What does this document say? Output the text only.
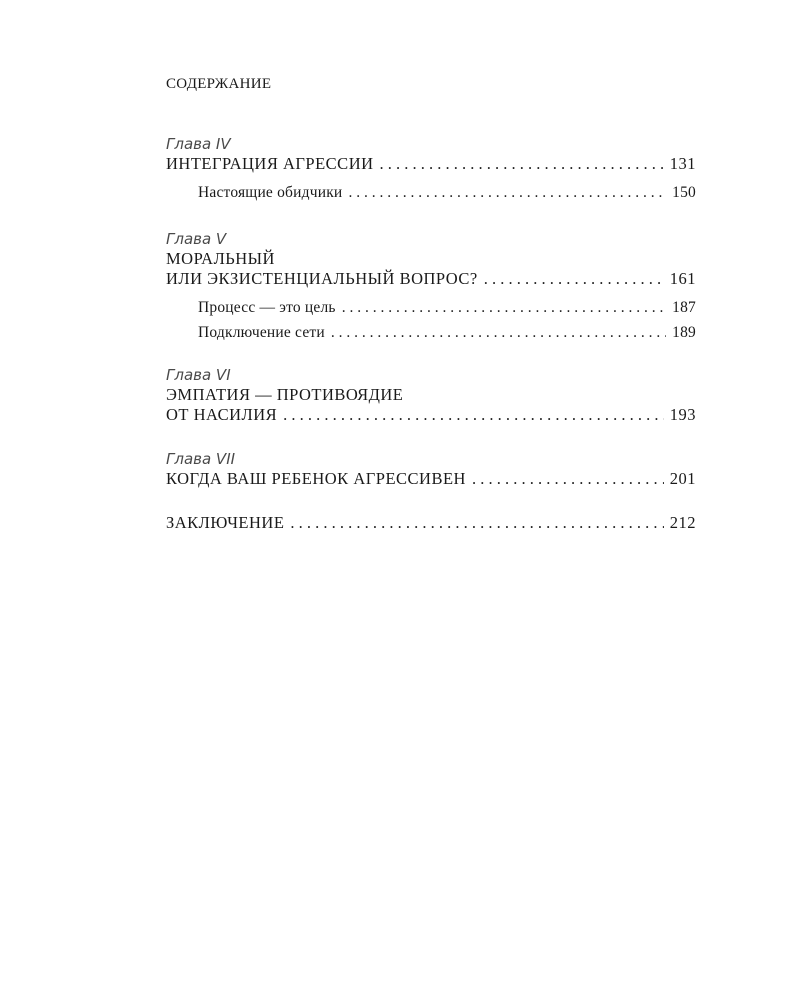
СОДЕРЖАНИЕ
Глава IV
ИНТЕГРАЦИЯ АГРЕССИИ . . .	131
Настоящие обидчики . . .	150
Глава V
МОРАЛЬНЫЙ
ИЛИ ЭКЗИСТЕНЦИАЛЬНЫЙ ВОПРОС? . . .	161
Процесс — это цель . . .	187
Подключение сети . . .	189
Глава VI
ЭМПАТИЯ — ПРОТИВОЯДИЕ
ОТ НАСИЛИЯ . . .	193
Глава VII
КОГДА ВАШ РЕБЕНОК АГРЕССИВЕН . . .	201
ЗАКЛЮЧЕНИЕ . . .	212
